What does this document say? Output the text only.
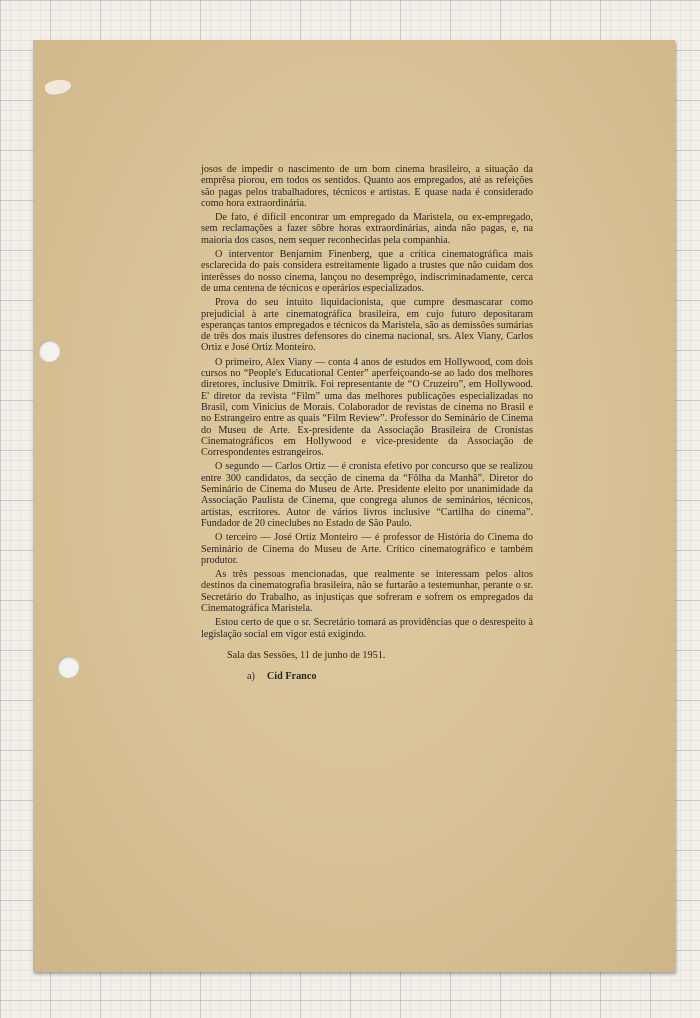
josos de impedir o nascimento de um bom cinema brasileiro, a situação da emprêsa piorou, em todos os sentidos. Quanto aos empregados, até as refeições são pagas pelos trabalhadores, técnicos e artistas. E quase nada é considerado como hora extraordinária.

De fato, é difícil encontrar um empregado da Maristela, ou ex-empregado, sem reclamações a fazer sôbre horas extraordinárias, ainda não pagas, e, na maioria dos casos, nem sequer reconhecidas pela companhia.

O interventor Benjamim Finenberg, que a crítica cinematográfica mais esclarecida do país considera estreitamente ligado a trustes que não cuidam dos interêsses do nosso cinema, lançou no desemprêgo, indiscriminadamente, cerca de uma centena de técnicos e operários especializados.

Prova do seu intuito liquidacionista, que cumpre desmascarar como prejudicial à arte cinematográfica brasileira, em cujo futuro depositaram esperanças tantos empregados e técnicos da Maristela, são as demissões sumárias de três dos mais ilustres defensores do cinema nacional, srs. Alex Viany, Carlos Ortiz e José Ortiz Monteiro.

O primeiro, Alex Viany — conta 4 anos de estudos em Hollywood, com dois cursos no “People's Educational Center” aperfeiçoando-se ao lado dos melhores diretores, inclusive Dmitrik. Foi representante de “O Cruzeiro”, em Hollywood. E' diretor da revista “Film” uma das melhores publicações especializadas no Brasil, com Vinicius de Morais. Colaborador de revistas de cinema no Brasil e no Estrangeiro entre as quais “Film Review”. Professor do Seminário de Cinema do Museu de Arte. Ex-presidente da Associação Brasileira de Cronistas Cinematográficos em Hollywood e vice-presidente da Associação de Correspondentes estrangeiros.

O segundo — Carlos Ortiz — é cronista efetivo por concurso que se realizou entre 300 candidatos, da secção de cinema da “Fôlha da Manhã”. Diretor do Seminário de Cinema do Museu de Arte. Presidente eleito por unanimidade da Associação Paulista de Cinema, que congrega alunos de seminários, técnicos, artistas, escritores. Autor de vários livros inclusive “Cartilha do cinema”. Fundador de 20 cineclubes no Estado de São Paulo.

O terceiro — José Ortiz Monteiro — é professor de História do Cinema do Seminário de Cinema do Museu de Arte. Crítico cinematográfico e também produtor.

As três pessoas mencionadas, que realmente se interessam pelos altos destinos da cinematografia brasileira, não se furtarão a testemunhar, perante o sr. Secretário do Trabalho, as injustiças que sofreram e sofrem os empregados da Cinematográfica Maristela.

Estou certo de que o sr. Secretário tomará as providências que o desrespeito à legislação social em vigor está exigindo.

Sala das Sessões, 11 de junho de 1951.

a) Cid Franco
